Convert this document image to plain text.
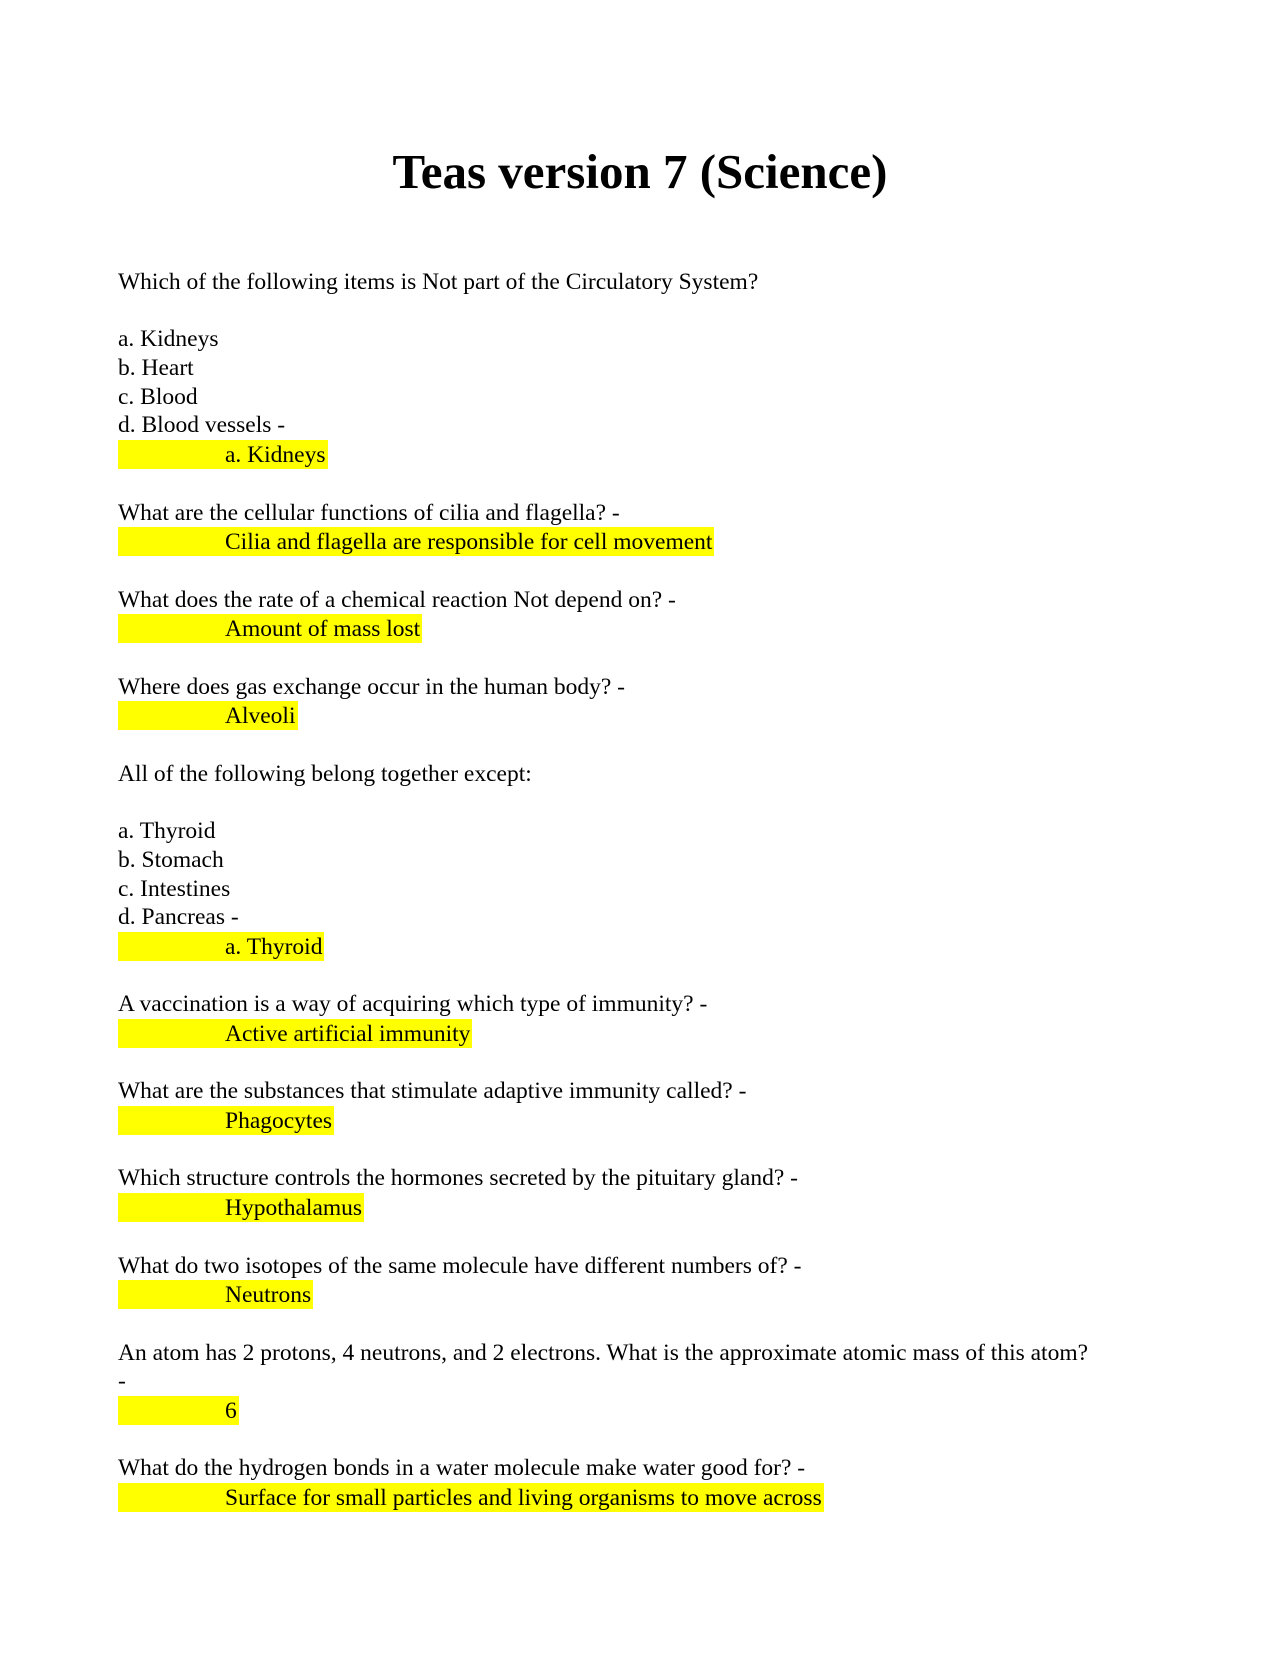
Teas version 7 (Science)
Which of the following items is Not part of the Circulatory System?
a. Kidneys
b. Heart
c. Blood
d. Blood vessels -
a. Kidneys
What are the cellular functions of cilia and flagella? -
Cilia and flagella are responsible for cell movement
What does the rate of a chemical reaction Not depend on? -
Amount of mass lost
Where does gas exchange occur in the human body? -
Alveoli
All of the following belong together except:
a. Thyroid
b. Stomach
c. Intestines
d. Pancreas -
a. Thyroid
A vaccination is a way of acquiring which type of immunity? -
Active artificial immunity
What are the substances that stimulate adaptive immunity called? -
Phagocytes
Which structure controls the hormones secreted by the pituitary gland? -
Hypothalamus
What do two isotopes of the same molecule have different numbers of? -
Neutrons
An atom has 2 protons, 4 neutrons, and 2 electrons. What is the approximate atomic mass of this atom?
-
6
What do the hydrogen bonds in a water molecule make water good for? -
Surface for small particles and living organisms to move across
